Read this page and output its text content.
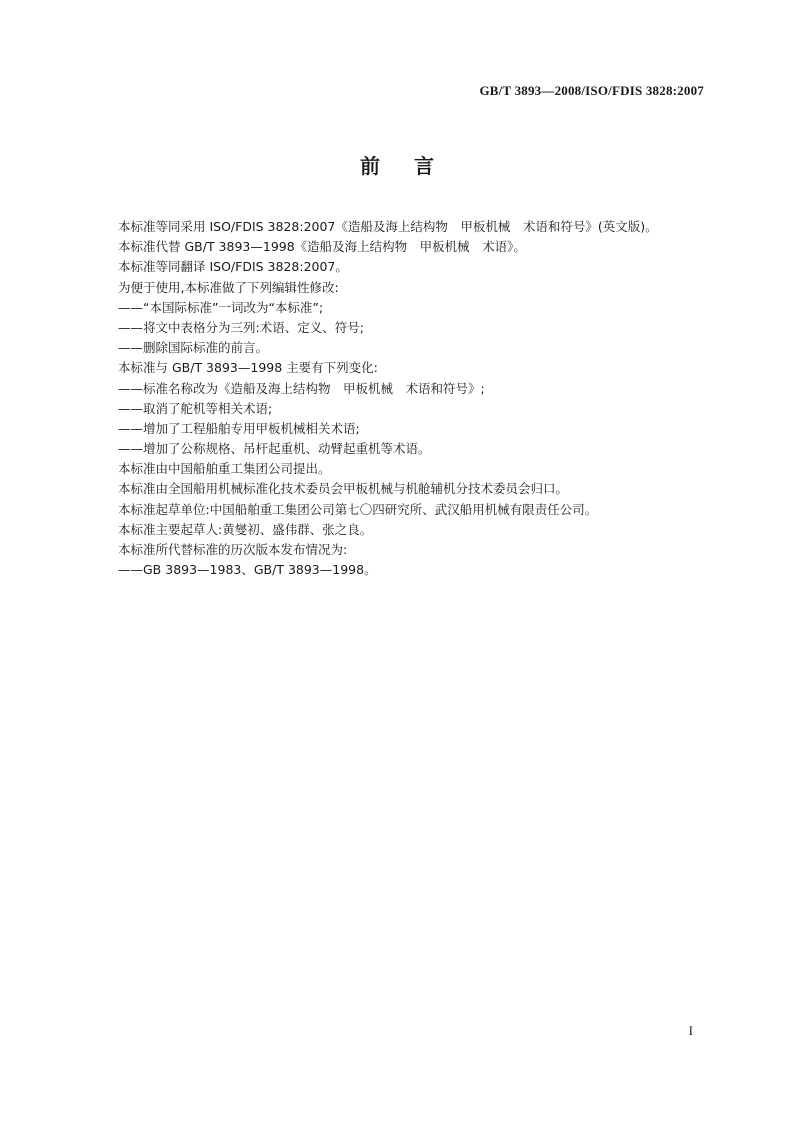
GB/T 3893—2008/ISO/FDIS 3828:2007
前言
本标准等同采用 ISO/FDIS 3828:2007《造船及海上结构物　甲板机械　术语和符号》(英文版)。
本标准代替 GB/T 3893—1998《造船及海上结构物　甲板机械　术语》。
本标准等同翻译 ISO/FDIS 3828:2007。
为便于使用,本标准做了下列编辑性修改:
——“本国际标准”一词改为“本标准”;
——将文中表格分为三列:术语、定义、符号;
——删除国际标准的前言。
本标准与 GB/T 3893—1998 主要有下列变化:
——标准名称改为《造船及海上结构物　甲板机械　术语和符号》;
——取消了舵机等相关术语;
——增加了工程船舶专用甲板机械相关术语;
——增加了公称规格、吊杆起重机、动臂起重机等术语。
本标准由中国船舶重工集团公司提出。
本标准由全国船用机械标准化技术委员会甲板机械与机舱辅机分技术委员会归口。
本标准起草单位:中国船舶重工集团公司第七〇四研究所、武汉船用机械有限责任公司。
本标准主要起草人:黄燮初、盛伟群、张之良。
本标准所代替标准的历次版本发布情况为:
——GB 3893—1983、GB/T 3893—1998。
I
